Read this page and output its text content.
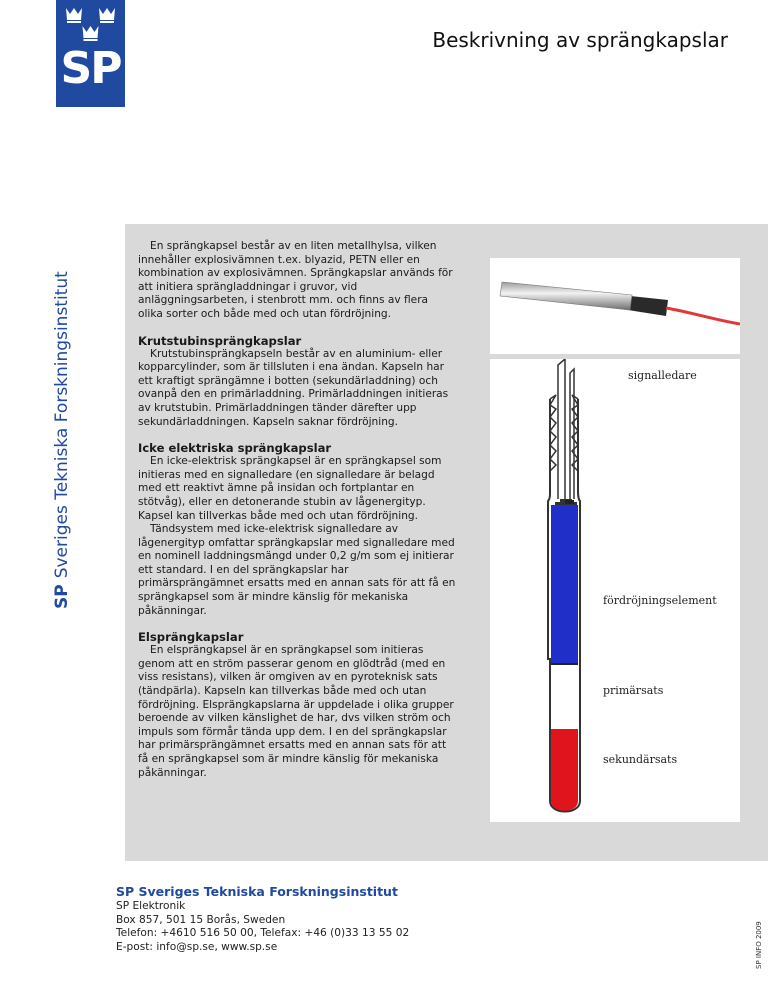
SP
Beskrivning av sprängkapslar
SPSveriges Tekniska Forskningsinstitut

En sprängkapsel består av en liten metallhylsa, vilken innehåller explosivämnen t.ex. blyazid, PETN eller en kombination av explosivämnen. Sprängkapslar används för att initiera sprängladdningar i gruvor, vid anläggningsarbeten, i stenbrott mm. och finns av flera olika sorter och både med och utan fördröjning.

Krutstubinsprängkapslar

Krutstubinsprängkapseln består av en aluminium- eller kopparcylinder, som är tillsluten i ena ändan. Kapseln har ett kraftigt sprängämne i botten (sekundärladdning) och ovanpå den en primärladdning. Primärladdningen initieras av krutstubin. Primärladdningen tänder därefter upp sekundärladdningen. Kapseln saknar fördröjning.

Icke elektriska sprängkapslar

En icke-elektrisk sprängkapsel är en sprängkapsel som initieras med en signalledare (en signalledare är belagd med ett reaktivt ämne på insidan och fortplantar en stötvåg), eller en detonerande stubin av lågenergityp. Kapsel kan tillverkas både med och utan fördröjning.

Tändsystem med icke-elektrisk signalledare av lågenergityp omfattar sprängkapslar med signalledare med en nominell laddningsmängd under 0,2 g/m som ej initierar ett standard. I en del sprängkapslar har primärsprängämnet ersatts med en annan sats för att få en sprängkapsel som är mindre känslig för mekaniska påkänningar.

Elsprängkapslar

En elsprängkapsel är en sprängkapsel som initieras genom att en ström passerar genom en glödtråd (med en viss resistans), vilken är omgiven av en pyroteknisk sats (tändpärla). Kapseln kan tillverkas både med och utan fördröjning. Elsprängkapslarna är uppdelade i olika grupper beroende av vilken känslighet de har, dvs vilken ström och impuls som förmår tända upp dem. I en del sprängkapslar har primärsprängämnet ersatts med en annan sats för att få en sprängkapsel som är mindre känslig för mekaniska påkänningar.

signalledare
fördröjningselement
primärsats
sekundärsats
SP Sveriges Tekniska Forskningsinstitut
SP Elektronik
Box 857, 501 15 Borås, Sweden
Telefon: +4610 516 50 00, Telefax: +46 (0)33 13 55 02
E-post: info@sp.se, www.sp.se	SP INFO 2009
